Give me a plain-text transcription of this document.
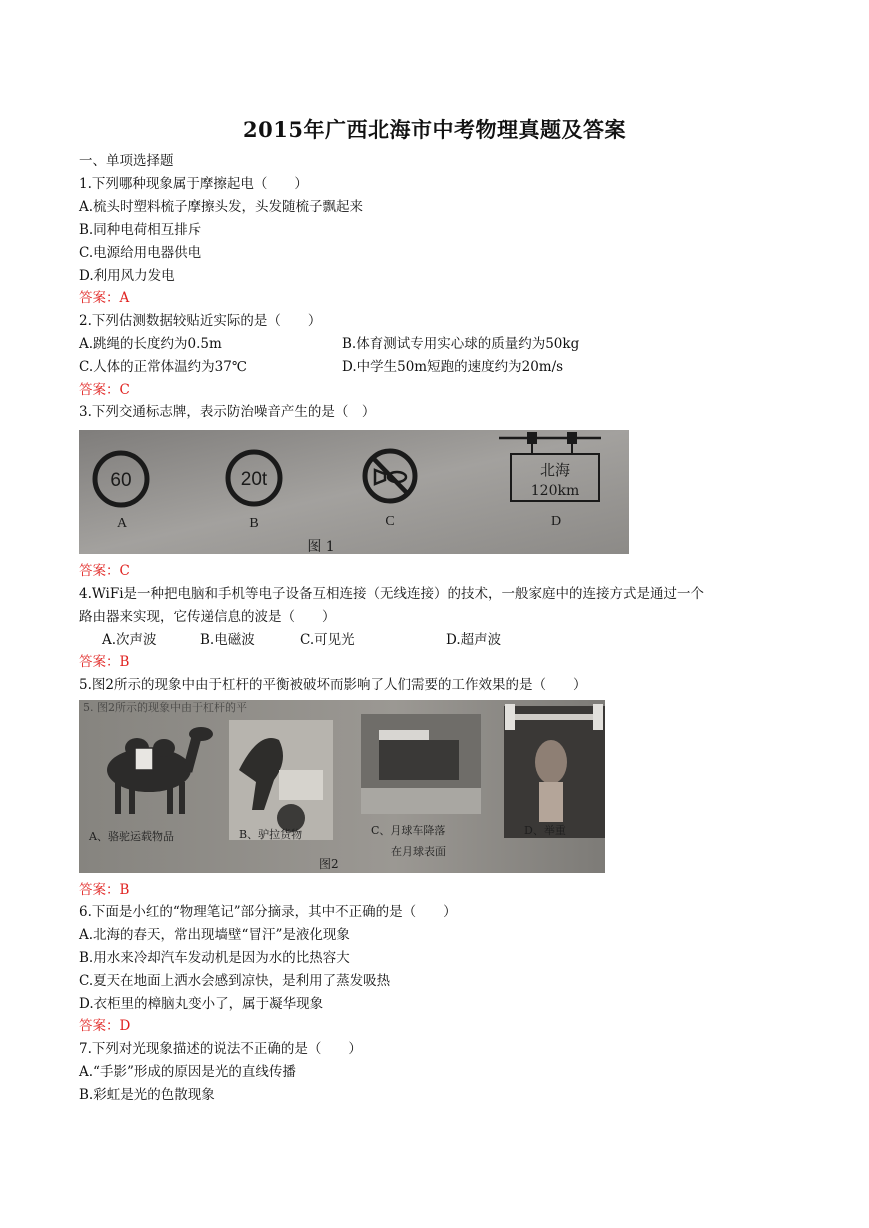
2015年广西北海市中考物理真题及答案
一、单项选择题
1.下列哪种现象属于摩擦起电（　　）
A.梳头时塑料梳子摩擦头发，头发随梳子飘起来
B.同种电荷相互排斥
C.电源给用电器供电
D.利用风力发电
答案：A
2.下列估测数据较贴近实际的是（　　）
A.跳绳的长度约为0.5m	B.体育测试专用实心球的质量约为50kg
C.人体的正常体温约为37℃	D.中学生50m短跑的速度约为20m/s
答案：C
3.下列交通标志牌，表示防治噪音产生的是（　）
60	20t	北海
120km
A	B	C	D
图 1
答案：C
4.WiFi是一种把电脑和手机等电子设备互相连接（无线连接）的技术，一般家庭中的连接方式是通过一个
路由器来实现，它传递信息的波是（　　）
A.次声波	B.电磁波	C.可见光	D.超声波
答案：B
5.图2所示的现象中由于杠杆的平衡被破坏而影响了人们需要的工作效果的是（　　）
5. 图2所示的现象中由于杠杆的平
A、骆驼运载物品	B、驴拉货物	C、月球车降落
在月球表面
D、举重
图2
答案：B
6.下面是小红的“物理笔记”部分摘录，其中不正确的是（　　）
A.北海的春天，常出现墙壁“冒汗”是液化现象
B.用水来冷却汽车发动机是因为水的比热容大
C.夏天在地面上洒水会感到凉快，是利用了蒸发吸热
D.衣柜里的樟脑丸变小了，属于凝华现象
答案：D
7.下列对光现象描述的说法不正确的是（　　）
A.“手影”形成的原因是光的直线传播
B.彩虹是光的色散现象
